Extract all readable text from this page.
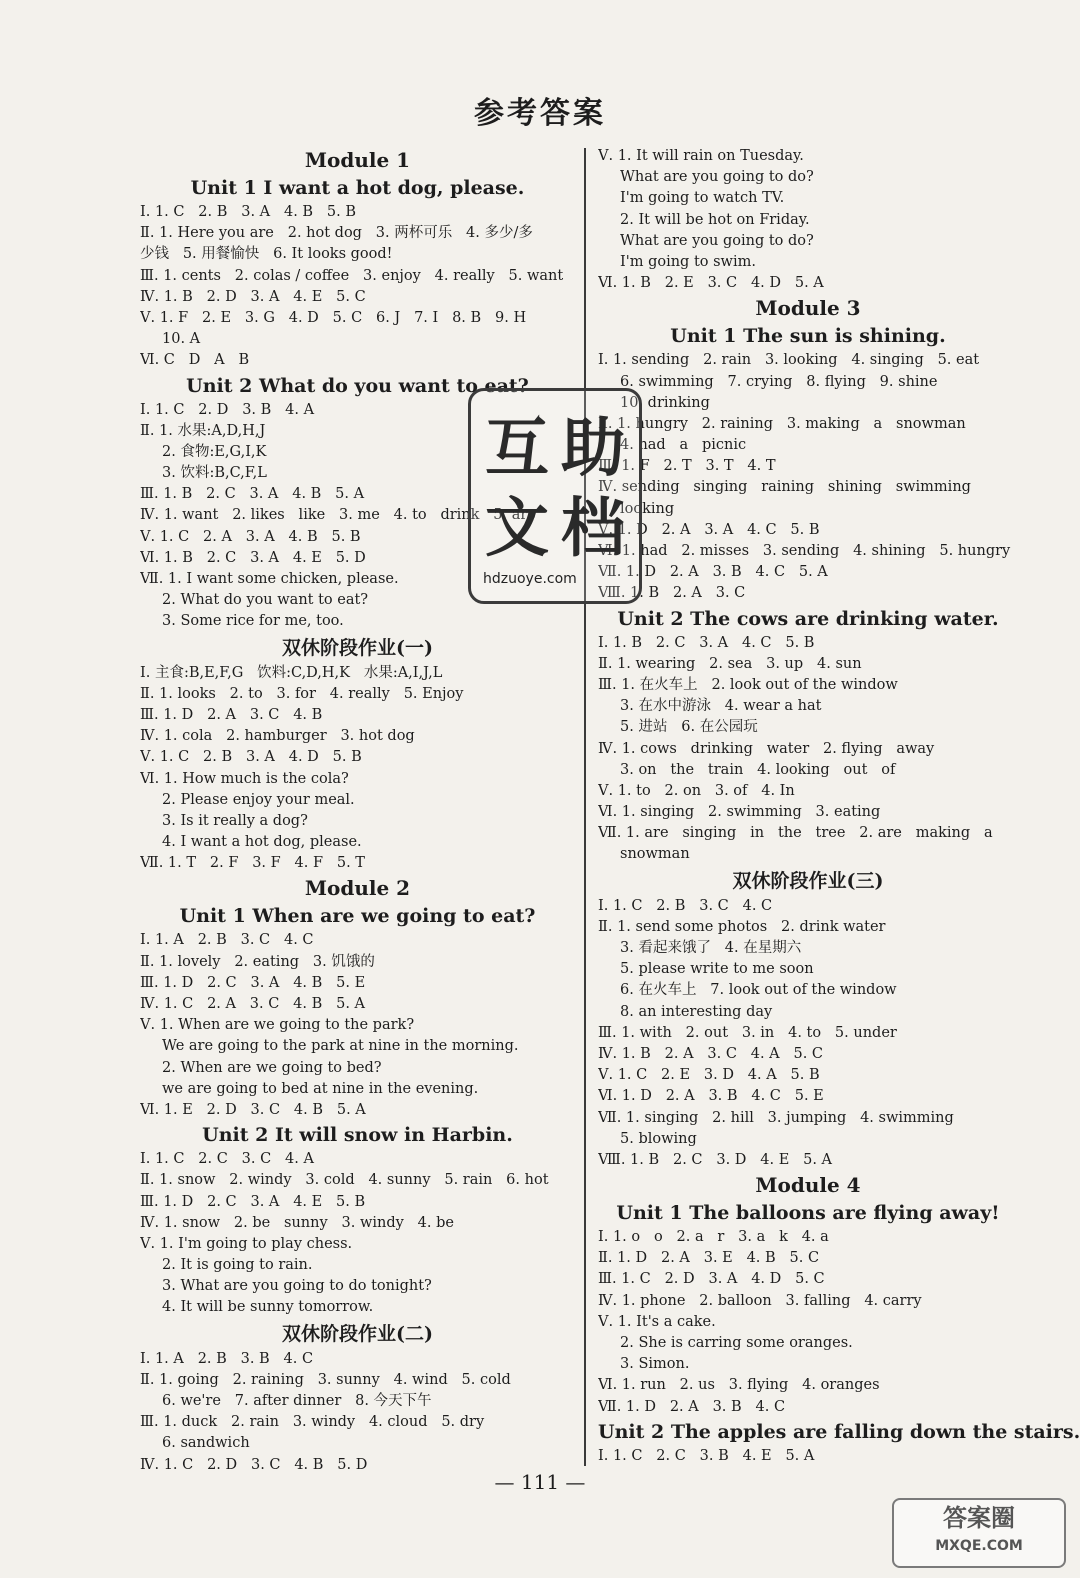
参考答案
Module 1
Unit 1 I want a hot dog, please.
Ⅰ. 1. C   2. B   3. A   4. B   5. B
Ⅱ. 1. Here you are   2. hot dog   3. 两杯可乐   4. 多少/多
少钱   5. 用餐愉快   6. It looks good!
Ⅲ. 1. cents   2. colas / coffee   3. enjoy   4. really   5. want
Ⅳ. 1. B   2. D   3. A   4. E   5. C
Ⅴ. 1. F   2. E   3. G   4. D   5. C   6. J   7. I   8. B   9. H
10. A
Ⅵ. C   D   A   B
Unit 2 What do you want to eat?
Ⅰ. 1. C   2. D   3. B   4. A
Ⅱ. 1. 水果:A,D,H,J
2. 食物:E,G,I,K
3. 饮料:B,C,F,L
Ⅲ. 1. B   2. C   3. A   4. B   5. A
Ⅳ. 1. want   2. likes   like   3. me   4. to   drink   5. are
Ⅴ. 1. C   2. A   3. A   4. B   5. B
Ⅵ. 1. B   2. C   3. A   4. E   5. D
Ⅶ. 1. I want some chicken, please.
2. What do you want to eat?
3. Some rice for me, too.
双休阶段作业(一)
Ⅰ. 主食:B,E,F,G   饮料:C,D,H,K   水果:A,I,J,L
Ⅱ. 1. looks   2. to   3. for   4. really   5. Enjoy
Ⅲ. 1. D   2. A   3. C   4. B
Ⅳ. 1. cola   2. hamburger   3. hot dog
Ⅴ. 1. C   2. B   3. A   4. D   5. B
Ⅵ. 1. How much is the cola?
2. Please enjoy your meal.
3. Is it really a dog?
4. I want a hot dog, please.
Ⅶ. 1. T   2. F   3. F   4. F   5. T
Module 2
Unit 1 When are we going to eat?
Ⅰ. 1. A   2. B   3. C   4. C
Ⅱ. 1. lovely   2. eating   3. 饥饿的
Ⅲ. 1. D   2. C   3. A   4. B   5. E
Ⅳ. 1. C   2. A   3. C   4. B   5. A
Ⅴ. 1. When are we going to the park?
We are going to the park at nine in the morning.
2. When are we going to bed?
we are going to bed at nine in the evening.
Ⅵ. 1. E   2. D   3. C   4. B   5. A
Unit 2 It will snow in Harbin.
Ⅰ. 1. C   2. C   3. C   4. A
Ⅱ. 1. snow   2. windy   3. cold   4. sunny   5. rain   6. hot
Ⅲ. 1. D   2. C   3. A   4. E   5. B
Ⅳ. 1. snow   2. be   sunny   3. windy   4. be
Ⅴ. 1. I'm going to play chess.
2. It is going to rain.
3. What are you going to do tonight?
4. It will be sunny tomorrow.
双休阶段作业(二)
Ⅰ. 1. A   2. B   3. B   4. C
Ⅱ. 1. going   2. raining   3. sunny   4. wind   5. cold
6. we're   7. after dinner   8. 今天下午
Ⅲ. 1. duck   2. rain   3. windy   4. cloud   5. dry
6. sandwich
Ⅳ. 1. C   2. D   3. C   4. B   5. D
Ⅴ. 1. It will rain on Tuesday.
What are you going to do?
I'm going to watch TV.
2. It will be hot on Friday.
What are you going to do?
I'm going to swim.
Ⅵ. 1. B   2. E   3. C   4. D   5. A
Module 3
Unit 1 The sun is shining.
Ⅰ. 1. sending   2. rain   3. looking   4. singing   5. eat
6. swimming   7. crying   8. flying   9. shine
10. drinking
Ⅱ. 1. hungry   2. raining   3. making   a   snowman
4. had   a   picnic
Ⅲ. 1. F   2. T   3. T   4. T
Ⅳ. sending   singing   raining   shining   swimming
looking
Ⅴ. 1. D   2. A   3. A   4. C   5. B
Ⅵ. 1. had   2. misses   3. sending   4. shining   5. hungry
Ⅶ. 1. D   2. A   3. B   4. C   5. A
Ⅷ. 1. B   2. A   3. C
Unit 2 The cows are drinking water.
Ⅰ. 1. B   2. C   3. A   4. C   5. B
Ⅱ. 1. wearing   2. sea   3. up   4. sun
Ⅲ. 1. 在火车上   2. look out of the window
3. 在水中游泳   4. wear a hat
5. 进站   6. 在公园玩
Ⅳ. 1. cows   drinking   water   2. flying   away
3. on   the   train   4. looking   out   of
Ⅴ. 1. to   2. on   3. of   4. In
Ⅵ. 1. singing   2. swimming   3. eating
Ⅶ. 1. are   singing   in   the   tree   2. are   making   a
snowman
双休阶段作业(三)
Ⅰ. 1. C   2. B   3. C   4. C
Ⅱ. 1. send some photos   2. drink water
3. 看起来饿了   4. 在星期六
5. please write to me soon
6. 在火车上   7. look out of the window
8. an interesting day
Ⅲ. 1. with   2. out   3. in   4. to   5. under
Ⅳ. 1. B   2. A   3. C   4. A   5. C
Ⅴ. 1. C   2. E   3. D   4. A   5. B
Ⅵ. 1. D   2. A   3. B   4. C   5. E
Ⅶ. 1. singing   2. hill   3. jumping   4. swimming
5. blowing
Ⅷ. 1. B   2. C   3. D   4. E   5. A
Module 4
Unit 1 The balloons are flying away!
Ⅰ. 1. o   o   2. a   r   3. a   k   4. a
Ⅱ. 1. D   2. A   3. E   4. B   5. C
Ⅲ. 1. C   2. D   3. A   4. D   5. C
Ⅳ. 1. phone   2. balloon   3. falling   4. carry
Ⅴ. 1. It's a cake.
2. She is carring some oranges.
3. Simon.
Ⅵ. 1. run   2. us   3. flying   4. oranges
Ⅶ. 1. D   2. A   3. B   4. C
Unit 2 The apples are falling down the stairs.
Ⅰ. 1. C   2. C   3. B   4. E   5. A
互 助
文 档
hdzuoye.com
— 111 —
答案圈
MXQE.COM
